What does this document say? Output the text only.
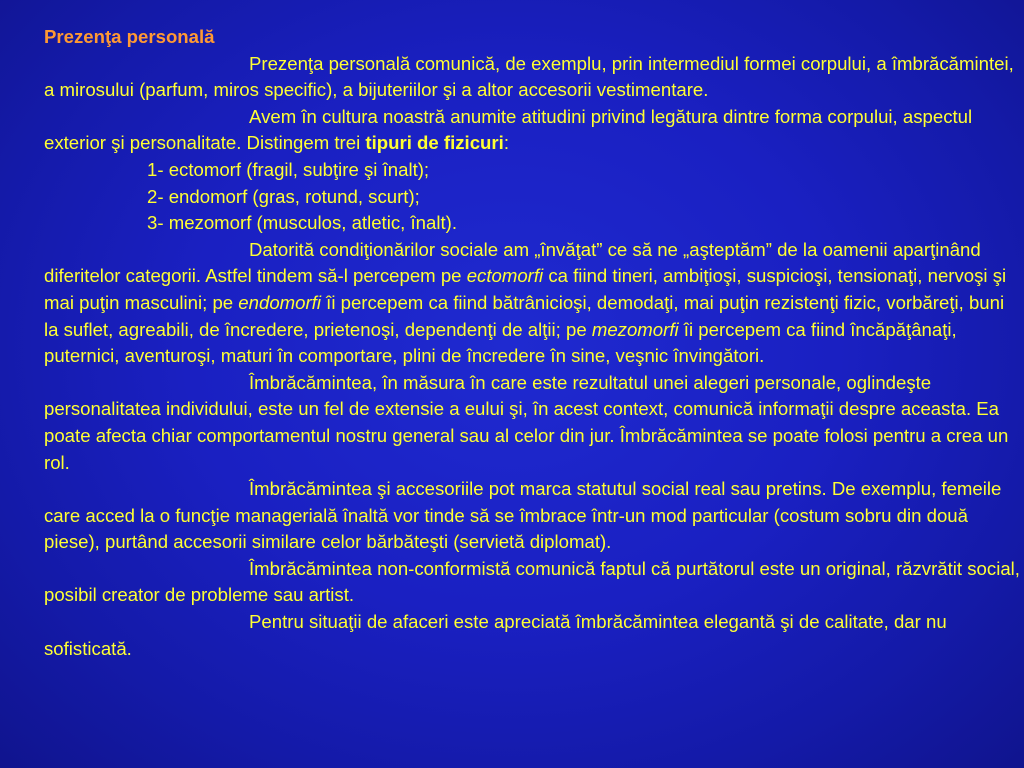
Prezenţa personală

Prezenţa personală comunică, de exemplu, prin intermediul formei corpului, a îmbrăcămintei, a mirosului (parfum, miros specific), a bijuteriilor şi a altor accesorii vestimentare.

Avem în cultura noastră anumite atitudini privind legătura dintre forma corpului, aspectul exterior şi personalitate. Distingem trei tipuri de fizicuri:

1- ectomorf (fragil, subţire şi înalt);

2- endomorf (gras, rotund, scurt);

3- mezomorf (musculos, atletic, înalt).

Datorită condiţionărilor sociale am „învăţat” ce să ne „aşteptăm” de la oamenii aparţinând diferitelor categorii. Astfel tindem să-l percepem pe ectomorfi ca fiind tineri, ambiţioşi, suspicioşi, tensionaţi, nervoşi şi mai puţin masculini; pe endomorfi îi percepem ca fiind bătrânicioşi, demodaţi, mai puţin rezistenţi fizic, vorbăreţi, buni la suflet, agreabili, de încredere, prietenoşi, dependenţi de alţii; pe mezomorfi îi percepem ca fiind încăpăţânaţi, puternici, aventuroşi, maturi în comportare, plini de încredere în sine, veşnic învingători.

Îmbrăcămintea, în măsura în care este rezultatul unei alegeri personale, oglindeşte personalitatea individului, este un fel de extensie a eului şi, în acest context, comunică informaţii despre aceasta. Ea poate afecta chiar comportamentul nostru general sau al celor din jur. Îmbrăcămintea se poate folosi pentru a crea un rol.

Îmbrăcămintea şi accesoriile pot marca statutul social real sau pretins. De exemplu, femeile care acced la o funcţie managerială înaltă vor tinde să se îmbrace într-un mod particular (costum sobru din două piese), purtând accesorii similare celor bărbăteşti (servietă diplomat).

Îmbrăcămintea non-conformistă comunică faptul că purtătorul este un original, răzvrătit social, posibil creator de probleme sau artist.

Pentru situaţii de afaceri este apreciată îmbrăcămintea elegantă şi de calitate, dar nu sofisticată.
